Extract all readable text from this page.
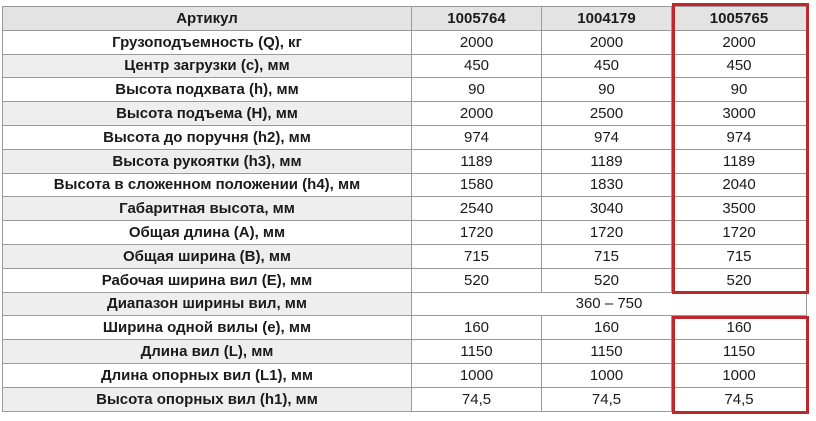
Артикул	1005764	1004179	1005765
Грузоподъемность (Q), кг	2000	2000	2000
Центр загрузки (c), мм	450	450	450
Высота подхвата (h), мм	90	90	90
Высота подъема (H), мм	2000	2500	3000
Высота до поручня (h2), мм	974	974	974
Высота рукоятки (h3), мм	1189	1189	1189
Высота в сложенном положении (h4), мм	1580	1830	2040
Габаритная высота, мм	2540	3040	3500
Общая длина (A), мм	1720	1720	1720
Общая ширина (B), мм	715	715	715
Рабочая ширина вил (E), мм	520	520	520
Диапазон ширины вил, мм	360 – 750		
Ширина одной вилы (e), мм	160	160	160
Длина вил (L), мм	1150	1150	1150
Длина опорных вил (L1), мм	1000	1000	1000
Высота опорных вил (h1), мм	74,5	74,5	74,5
